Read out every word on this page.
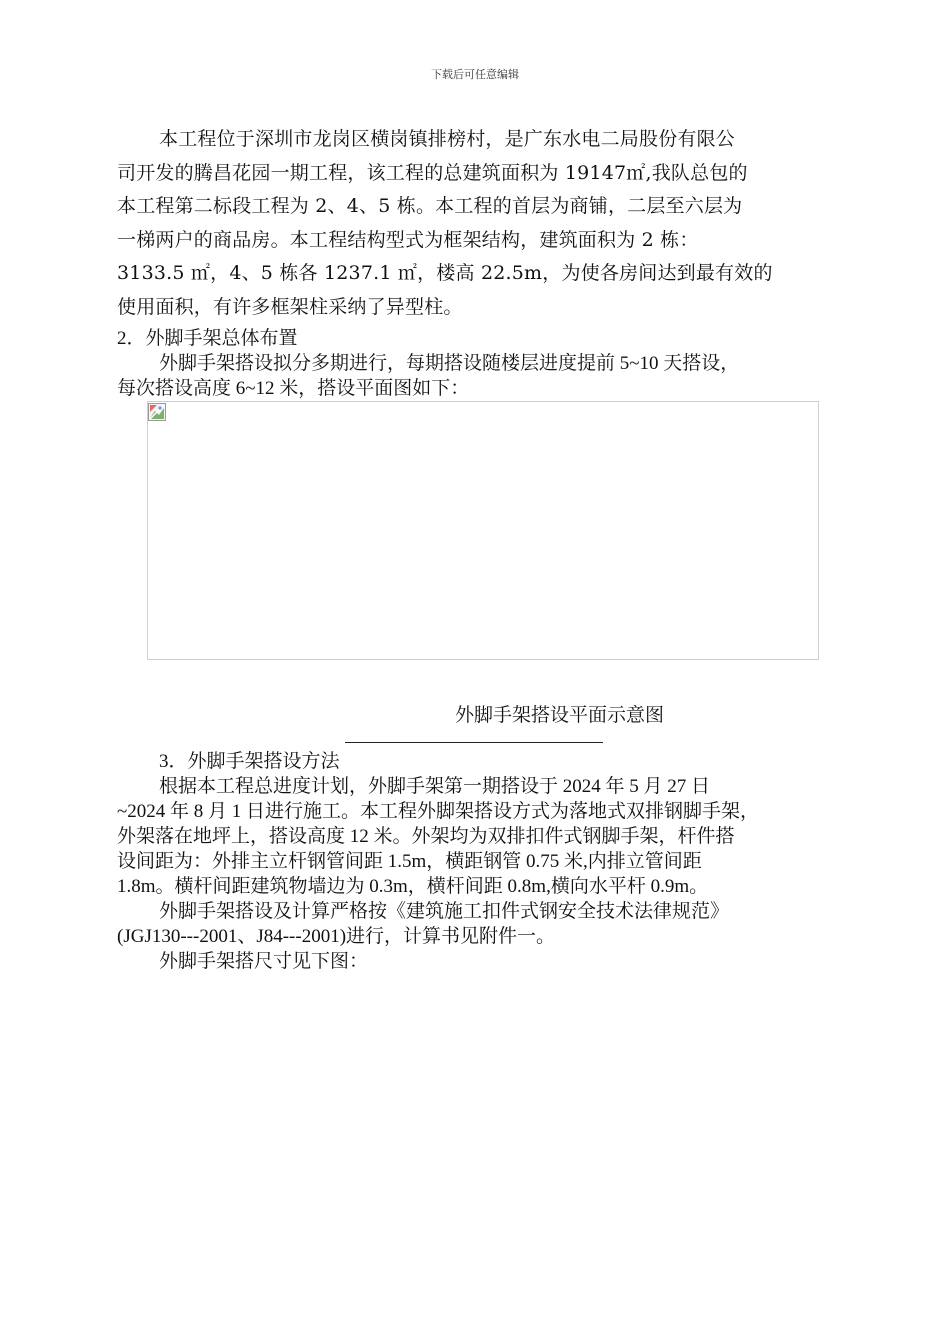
下载后可任意编辑
本工程位于深圳市龙岗区横岗镇排榜村，是广东水电二局股份有限公
司开发的腾昌花园一期工程，该工程的总建筑面积为 19147㎡,我队总包的
本工程第二标段工程为 2、4、5 栋。本工程的首层为商铺，二层至六层为
一梯两户的商品房。本工程结构型式为框架结构，建筑面积为 2 栋：
3133.5 ㎡，4、5 栋各 1237.1 ㎡，楼高 22.5m，为使各房间达到最有效的
使用面积，有许多框架柱采纳了异型柱。
2．外脚手架总体布置
外脚手架搭设拟分多期进行，每期搭设随楼层进度提前 5~10 天搭设，
每次搭设高度 6~12 米，搭设平面图如下：
外脚手架搭设平面示意图
3．外脚手架搭设方法
根据本工程总进度计划，外脚手架第一期搭设于 2024 年 5 月 27 日
~2024 年 8 月 1 日进行施工。本工程外脚架搭设方式为落地式双排钢脚手架，
外架落在地坪上，搭设高度 12 米。外架均为双排扣件式钢脚手架，杆件搭
设间距为：外排主立杆钢管间距 1.5m，横距钢管 0.75 米,内排立管间距
1.8m。横杆间距建筑物墙边为 0.3m，横杆间距 0.8m,横向水平杆 0.9m。
外脚手架搭设及计算严格按《建筑施工扣件式钢安全技术法律规范》
(JGJ130---2001、J84---2001)进行，计算书见附件一。
外脚手架搭尺寸见下图：
